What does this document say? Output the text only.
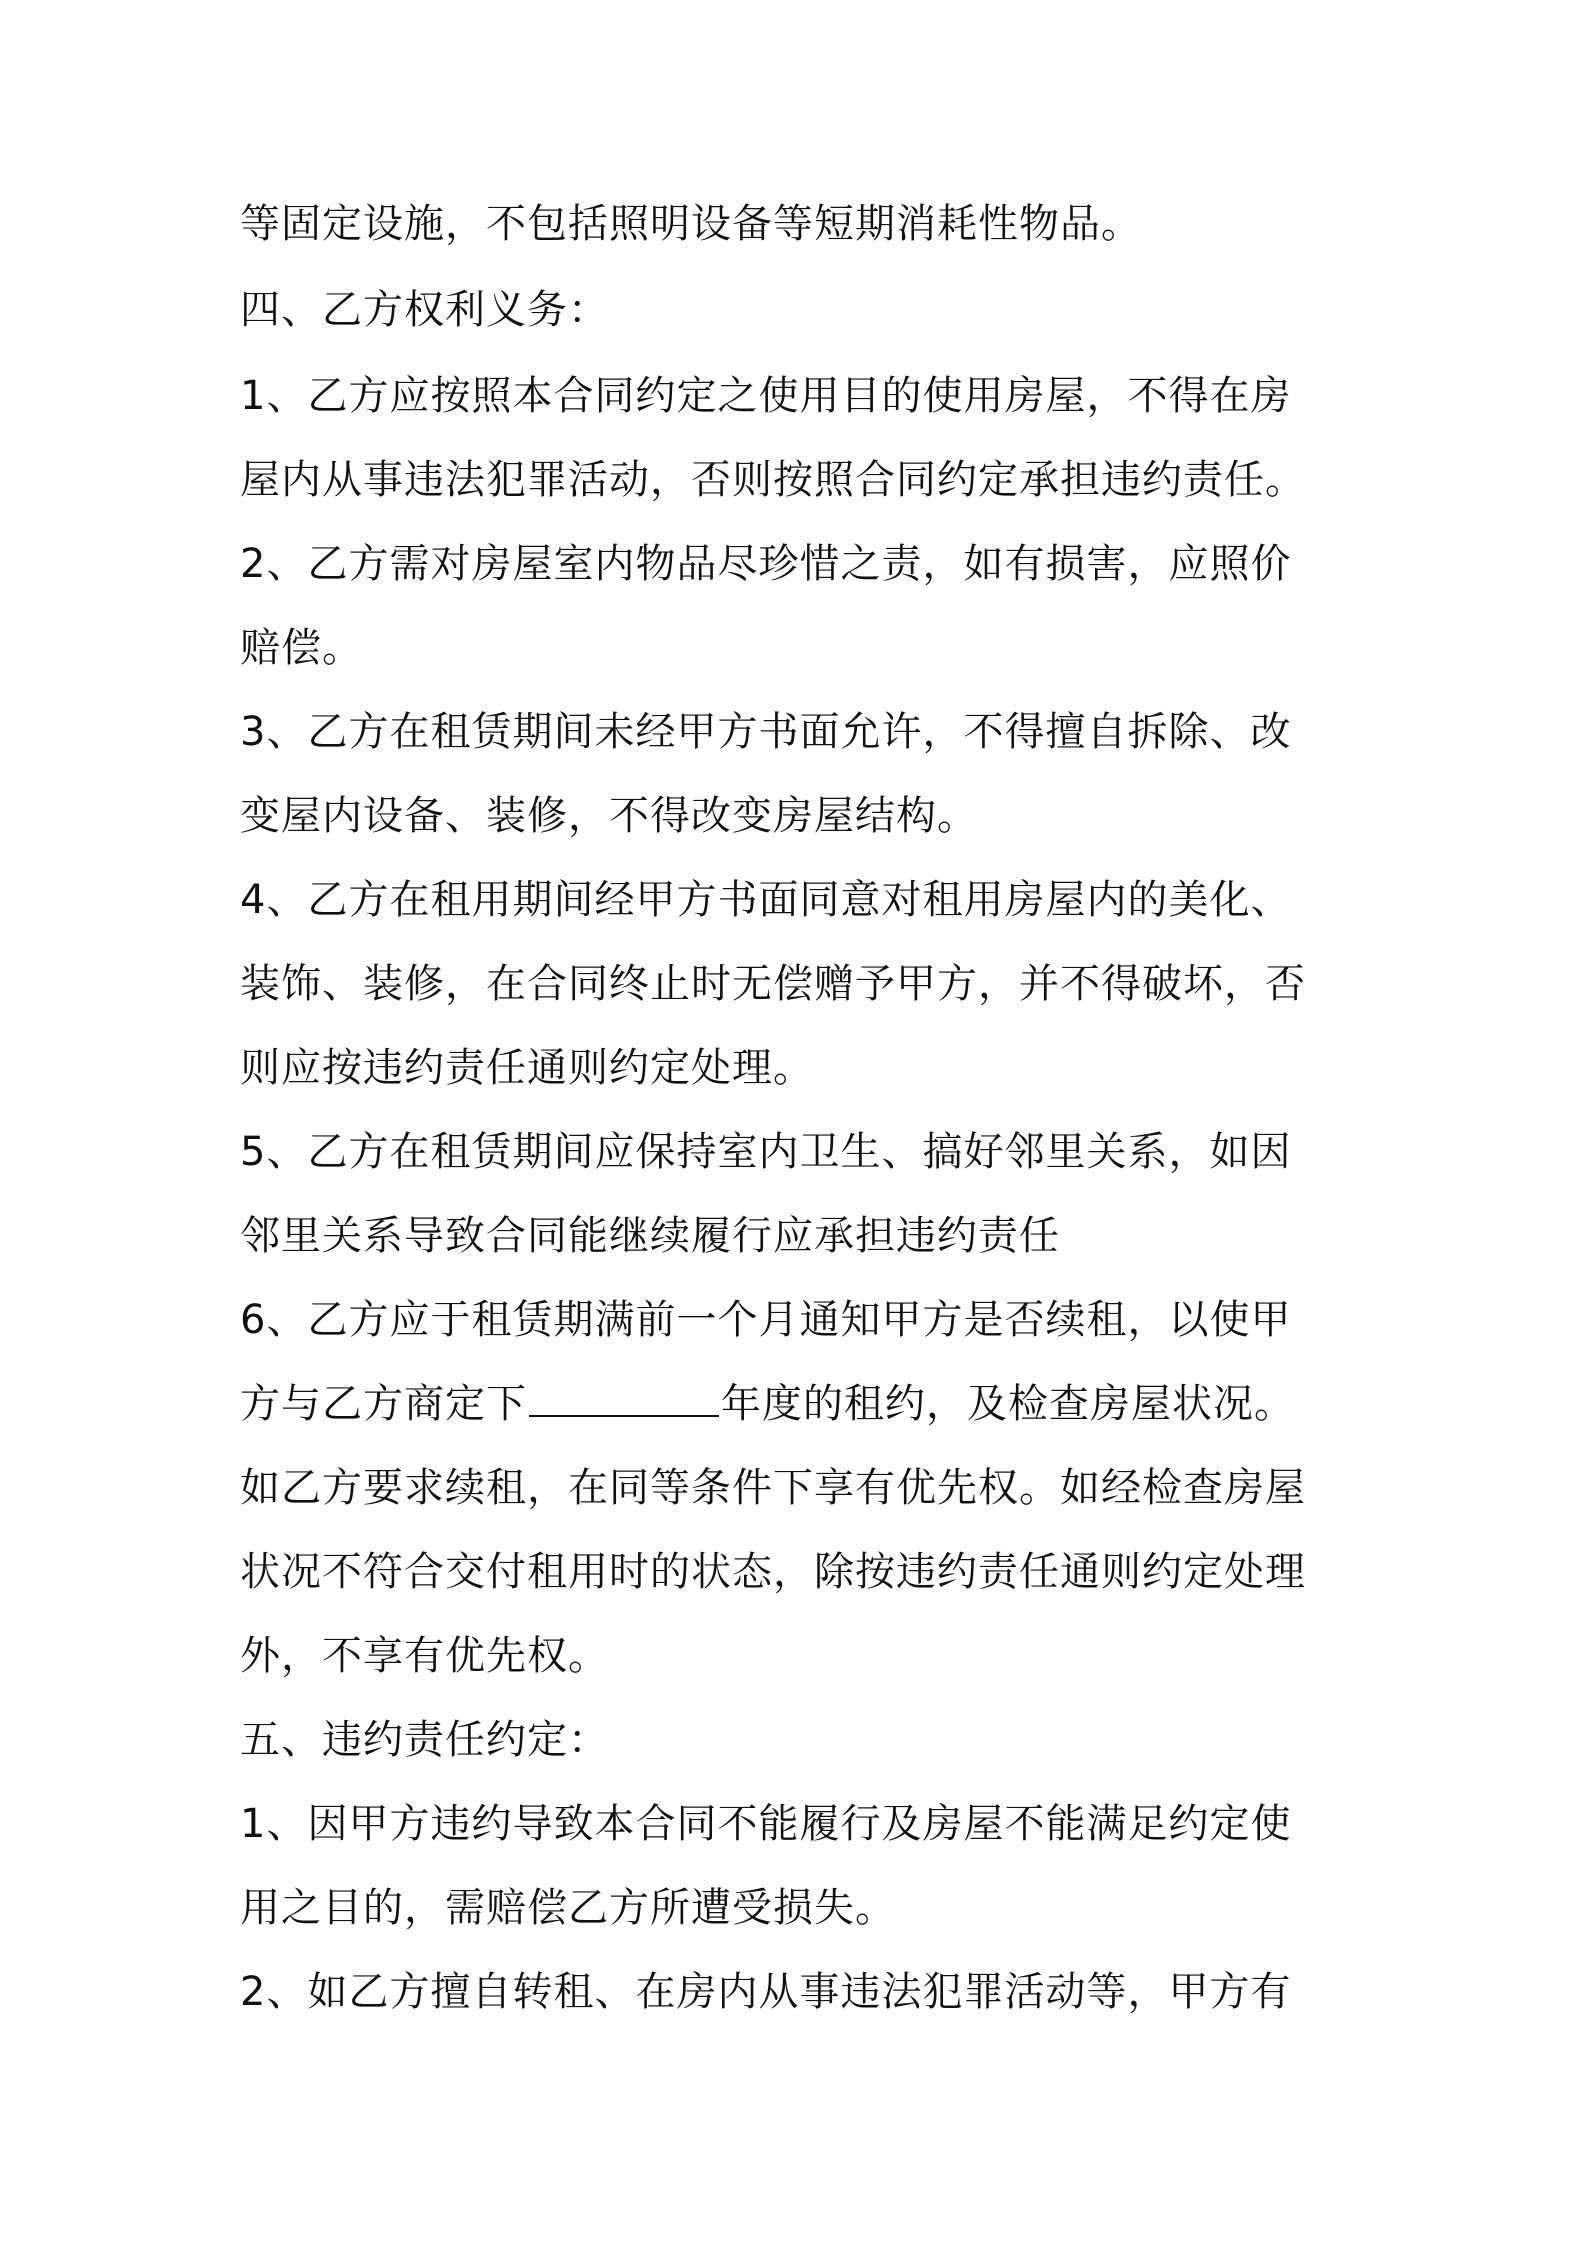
等固定设施，不包括照明设备等短期消耗性物品。
四、乙方权利义务：
1、乙方应按照本合同约定之使用目的使用房屋，不得在房
屋内从事违法犯罪活动，否则按照合同约定承担违约责任。
2、乙方需对房屋室内物品尽珍惜之责，如有损害，应照价
赔偿。
3、乙方在租赁期间未经甲方书面允许，不得擅自拆除、改
变屋内设备、装修，不得改变房屋结构。
4、乙方在租用期间经甲方书面同意对租用房屋内的美化、
装饰、装修，在合同终止时无偿赠予甲方，并不得破坏，否
则应按违约责任通则约定处理。
5、乙方在租赁期间应保持室内卫生、搞好邻里关系，如因
邻里关系导致合同能继续履行应承担违约责任
6、乙方应于租赁期满前一个月通知甲方是否续租，以使甲
方与乙方商定下	年度的租约，及检查房屋状况。
如乙方要求续租，在同等条件下享有优先权。如经检查房屋
状况不符合交付租用时的状态，除按违约责任通则约定处理
外，不享有优先权。
五、违约责任约定：
1、因甲方违约导致本合同不能履行及房屋不能满足约定使
用之目的，需赔偿乙方所遭受损失。
2、如乙方擅自转租、在房内从事违法犯罪活动等，甲方有
